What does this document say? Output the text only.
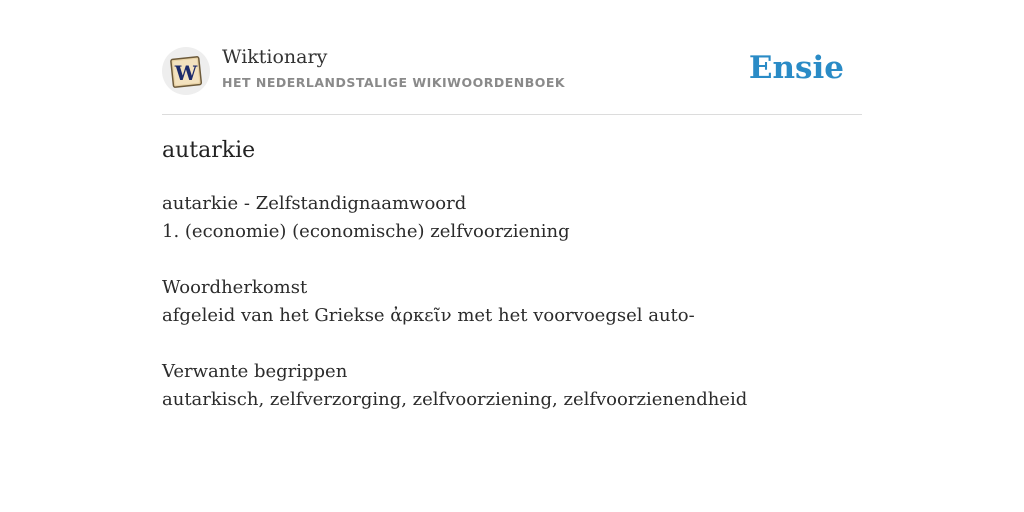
W
Wiktionary
HET NEDERLANDSTALIGE WIKIWOORDENBOEK	Ensie
autarkie
autarkie - Zelfstandignaamwoord
1. (economie) (economische) zelfvoorziening
Woordherkomst
afgeleid van het Griekse ἀρκεῖν met het voorvoegsel auto-
Verwante begrippen
autarkisch, zelfverzorging, zelfvoorziening, zelfvoorzienendheid
